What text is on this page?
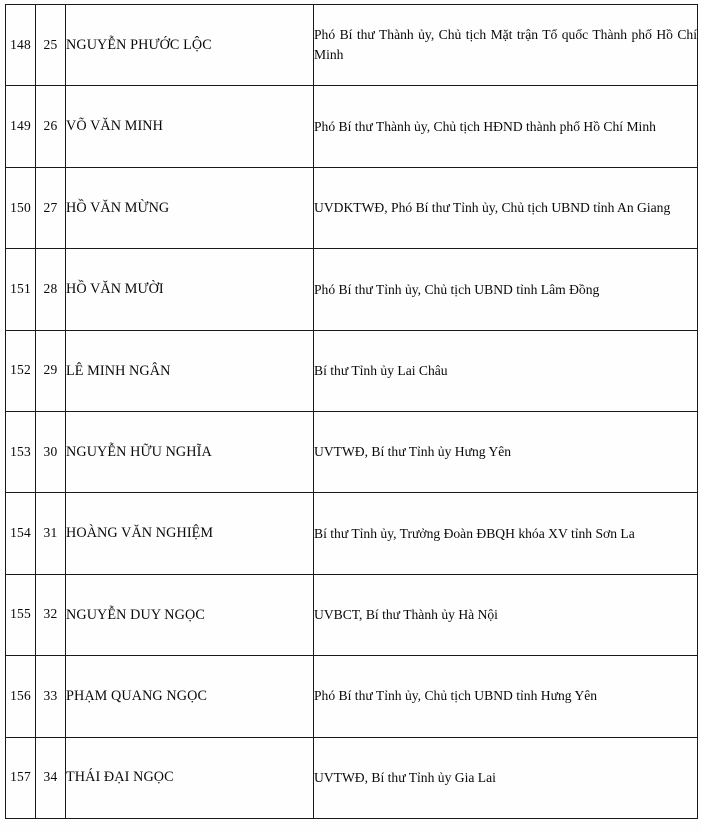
148	25	NGUYỄN PHƯỚC LỘC	Phó Bí thư Thành ủy, Chủ tịch Mặt trận Tổ quốc Thành phố Hồ Chí Minh
149	26	VÕ VĂN MINH	Phó Bí thư Thành ủy, Chủ tịch HĐND thành phố Hồ Chí Minh
150	27	HỒ VĂN MỪNG	UVDKTWĐ, Phó Bí thư Tỉnh ủy, Chủ tịch UBND tỉnh An Giang
151	28	HỒ VĂN MƯỜI	Phó Bí thư Tỉnh ủy, Chủ tịch UBND tỉnh Lâm Đồng
152	29	LÊ MINH NGÂN	Bí thư Tỉnh ủy Lai Châu
153	30	NGUYỄN HỮU NGHĨA	UVTWĐ, Bí thư Tỉnh ủy Hưng Yên
154	31	HOÀNG VĂN NGHIỆM	Bí thư Tỉnh ủy, Trưởng Đoàn ĐBQH khóa XV tỉnh Sơn La
155	32	NGUYỄN DUY NGỌC	UVBCT, Bí thư Thành ủy Hà Nội
156	33	PHẠM QUANG NGỌC	Phó Bí thư Tỉnh ủy, Chủ tịch UBND tỉnh Hưng Yên
157	34	THÁI ĐẠI NGỌC	UVTWĐ, Bí thư Tỉnh ủy Gia Lai
